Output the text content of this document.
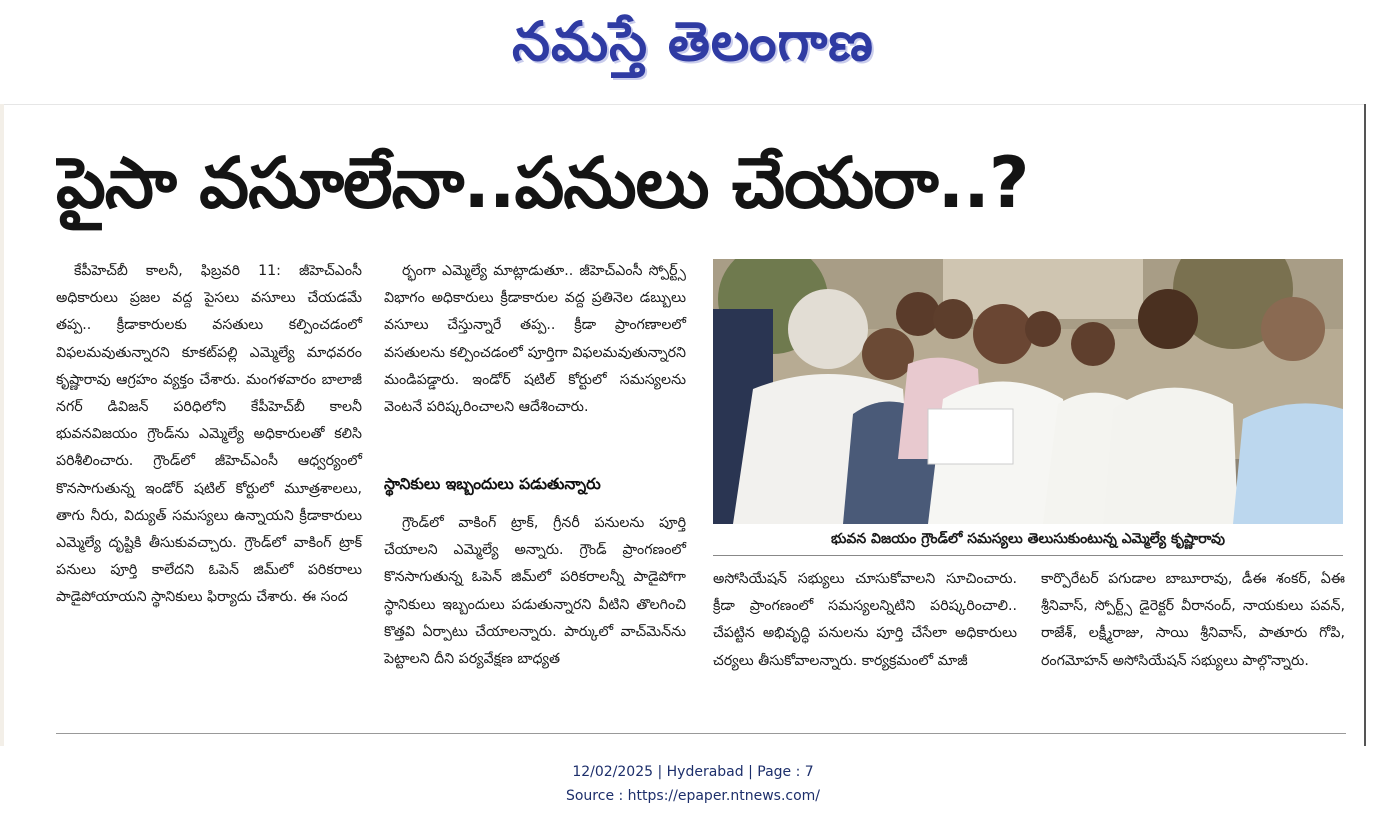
నమస్తే తెలంగాణ
పైసా వసూలేనా..పనులు చేయరా..?

కేపీహెచ్‌బీ కాలనీ, ఫిబ్రవరి 11: జీహెచ్‌ఎంసీ అధికారులు ప్రజల వద్ద పైసలు వసూలు చేయడమే తప్ప.. క్రీడాకారులకు వసతులు కల్పించడంలో విఫలమవుతున్నారని కూకట్‌పల్లి ఎమ్మెల్యే మాధవరం కృష్ణారావు ఆగ్రహం వ్యక్తం చేశారు. మంగళవారం బాలాజీ నగర్ డివిజన్ పరిధిలోని కేపీహెచ్‌బీ కాలనీ భువనవిజయం గ్రౌండ్‌ను ఎమ్మెల్యే అధికారులతో కలిసి పరిశీలించారు. గ్రౌండ్‌లో జీహెచ్‌ఎంసీ ఆధ్వర్యంలో కొనసాగుతున్న ఇండోర్ షటిల్ కోర్టులో మూత్రశాలలు, తాగు నీరు, విద్యుత్ సమస్యలు ఉన్నాయని క్రీడాకారులు ఎమ్మెల్యే దృష్టికి తీసుకువచ్చారు. గ్రౌండ్‌లో వాకింగ్ ట్రాక్ పనులు పూర్తి కాలేదని ఓపెన్ జిమ్‌లో పరికరాలు పాడైపోయాయని స్థానికులు ఫిర్యాదు చేశారు. ఈ సంద

ర్భంగా ఎమ్మెల్యే మాట్లాడుతూ.. జీహెచ్‌ఎంసీ స్పోర్ట్స్ విభాగం అధికారులు క్రీడాకారుల వద్ద ప్రతినెల డబ్బులు వసూలు చేస్తున్నారే తప్ప.. క్రీడా ప్రాంగణాలలో వసతులను కల్పించడంలో పూర్తిగా విఫలమవుతున్నారని మండిపడ్డారు. ఇండోర్ షటిల్ కోర్టులో సమస్యలను వెంటనే పరిష్కరించాలని ఆదేశించారు.

స్థానికులు ఇబ్బందులు పడుతున్నారు

గ్రౌండ్‌లో వాకింగ్ ట్రాక్, గ్రీనరీ పనులను పూర్తి చేయాలని ఎమ్మెల్యే అన్నారు. గ్రౌండ్ ప్రాంగణంలో కొనసాగుతున్న ఓపెన్ జిమ్‌లో పరికరాలన్నీ పాడైపోగా స్థానికులు ఇబ్బందులు పడుతున్నారని వీటిని తొలగించి కొత్తవి ఏర్పాటు చేయాలన్నారు. పార్కులో వాచ్‌మెన్‌ను పెట్టాలని దీని పర్యవేక్షణ బాధ్యత

భువన విజయం గ్రౌండ్‌లో సమస్యలు తెలుసుకుంటున్న ఎమ్మెల్యే కృష్ణారావు

అసోసియేషన్ సభ్యులు చూసుకోవాలని సూచించారు. క్రీడా ప్రాంగణంలో సమస్యలన్నిటిని పరిష్కరించాలి.. చేపట్టిన అభివృద్ధి పనులను పూర్తి చేసేలా అధికారులు చర్యలు తీసుకోవాలన్నారు. కార్యక్రమంలో మాజీ

కార్పొరేటర్ పగుడాల బాబూరావు, డీఈ శంకర్, ఏఈ శ్రీనివాస్, స్పోర్ట్స్ డైరెక్టర్ వీరానంద్, నాయకులు పవన్, రాజేశ్, లక్ష్మీరాజు, సాయి శ్రీనివాస్, పాతూరు గోపి, రంగమోహన్ అసోసియేషన్ సభ్యులు పాల్గొన్నారు.

12/02/2025 | Hyderabad | Page : 7
Source : https://epaper.ntnews.com/
